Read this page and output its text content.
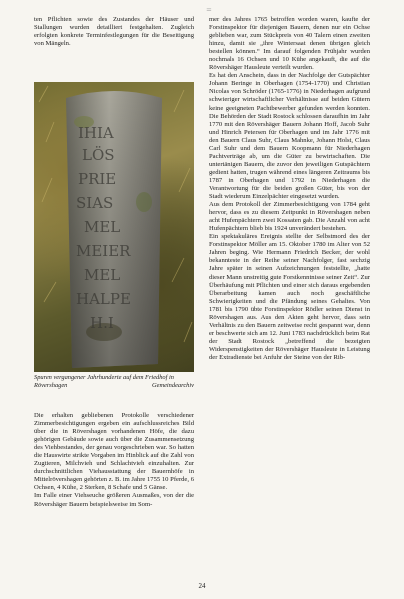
=

ten Pflichten sowie des Zustandes der Häuser und Stallungen wurden detailliert festgehalten. Zugleich erfolgten konkrete Terminfestlegungen für die Beseitigung von Mängeln.

IHIA
LÖS
PRIE
SIAS
MEL
MEIER
MEL
HALPE
H.I
Spuren vergangener Jahrhunderte auf dem Friedhof in Rövershagen	Gemeindearchiv

Die erhalten gebliebenen Protokolle verschiedener Zimmerbesichtigungen ergeben ein aufschlussreiches Bild über die in Rövershagen vorhandenen Höfe, die dazu gehörigen Gebäude sowie auch über die Zusammensetzung des Viehbestandes, der genau vorgeschrieben war. So hatten die Hauswirte strikte Vorgaben im Hinblick auf die Zahl von Zugtieren, Milchvieh und Schlachtvieh einzuhalten. Zur durchschnittlichen Viehausstattung der Bauernhöfe in Mittelrövershagen gehörten z. B. im Jahre 1755 10 Pferde, 6 Ochsen, 4 Kühe, 2 Sterken, 8 Schafe und 5 Gänse.

Im Falle einer Viehseuche größeren Ausmaßes, von der die Rövershäger Bauern beispielsweise im Som-

mer des Jahres 1765 betroffen worden waren, kaufte der Forstinspektor für diejenigen Bauern, denen nur ein Ochse geblieben war, zum Stückpreis von 40 Talern einen zweiten hinzu, damit sie „ihre Wintersaat denen übrigen gleich bestellen können.“ Im darauf folgenden Frühjahr wurden nochmals 16 Ochsen und 10 Kühe angekauft, die auf die Rövershäger Hausleute verteilt wurden.

Es hat den Anschein, dass in der Nachfolge der Gutspächter Johann Beringe in Oberhagen (1754-1770) und Christian Nicolas von Schröder (1765-1776) in Niederhagen aufgrund schwieriger wirtschaftlicher Verhältnisse auf beiden Gütern keine geeigneten Pachtbewerber gefunden werden konnten. Die Behörden der Stadt Rostock schlossen daraufhin im Jahr 1770 mit den Rövershäger Bauern Johann Hoff, Jacob Suhr und Hinrich Petersen für Oberhagen und im Jahr 1776 mit den Bauern Claus Suhr, Claus Mahnke, Johann Holst, Claus Carl Suhr und dem Bauern Koopmann für Niederhagen Pachtverträge ab, um die Güter zu bewirtschaften. Die untertänigen Bauern, die zuvor den jeweiligen Gutspächtern gedient hatten, trugen während eines längeren Zeitraums bis 1787 in Oberhagen und 1792 in Niederhagen die Verantwortung für die beiden großen Güter, bis von der Stadt wiederum Einzelpächter eingesetzt wurden.

Aus dem Protokoll der Zimmerbesichtigung von 1784 geht hervor, dass es zu diesem Zeitpunkt in Rövershagen neben acht Hufenpächtern zwei Kossaten gab. Die Anzahl von acht Hufenpächtern blieb bis 1924 unverändert bestehen.

Ein spektakuläres Ereignis stellte der Selbstmord des der Forstinspektor Möller am 15. Oktober 1780 im Alter von 52 Jahren beging. Wie Hermann Friedrich Becker, der wohl bekannteste in der Reihe seiner Nachfolger, fast sechzig Jahre später in seinen Aufzeichnungen feststellte, „hatte dieser Mann unstreitig gute Forstkenntnisse seiner Zeit“. Zur Überhäufung mit Pflichten und einer sich daraus ergebenden Überarbeitung kamen auch noch geschäftliche Schwierigkeiten und die Pfändung seines Gehaltes. Von 1781 bis 1790 übte Forstinspektor Rödler seinen Dienst in Rövershagen aus. Aus den Akten geht hervor, dass sein Verhältnis zu den Bauern zeitweise recht gespannt war, denn er beschwerte sich am 12. Juni 1783 nachdrücklich beim Rat der Stadt Rostock „betreffend die bezeigten Widerspenstigkeiten der Rövershäger Hausleute in Leistung der Extradienste bei Anfuhr der Steine von der Rib-

24
